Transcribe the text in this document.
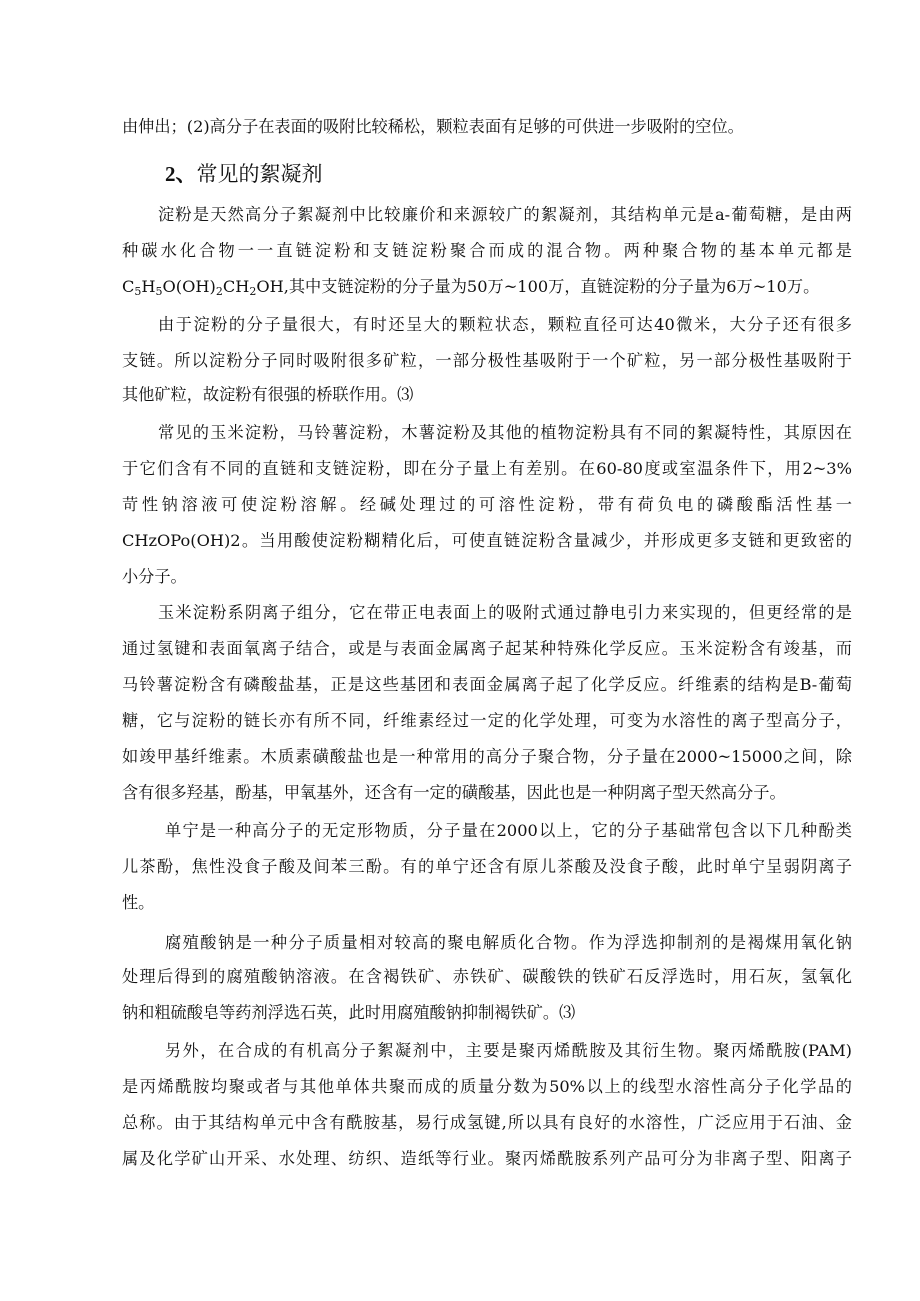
由伸出；(2)高分子在表面的吸附比较稀松，颗粒表面有足够的可供进一步吸附的空位。
2、常见的絮凝剂
淀粉是天然高分子絮凝剂中比较廉价和来源较广的絮凝剂，其结构单元是a-葡萄糖，是由两
种碳水化合物一一直链淀粉和支链淀粉聚合而成的混合物。两种聚合物的基本单元都是
$C_5H_5O(OH)_2CH_2OH$,其中支链淀粉的分子量为50万~100万，直链淀粉的分子量为6万~10万。
由于淀粉的分子量很大，有时还呈大的颗粒状态，颗粒直径可达40微米，大分子还有很多
支链。所以淀粉分子同时吸附很多矿粒，一部分极性基吸附于一个矿粒，另一部分极性基吸附于
其他矿粒，故淀粉有很强的桥联作用。⑶
常见的玉米淀粉，马铃薯淀粉，木薯淀粉及其他的植物淀粉具有不同的絮凝特性，其原因在
于它们含有不同的直链和支链淀粉，即在分子量上有差别。在60-80度或室温条件下，用2~3%
苛性钠溶液可使淀粉溶解。经碱处理过的可溶性淀粉，带有荷负电的磷酸酯活性基一
CHzOPo(OH)2。当用酸使淀粉糊精化后，可使直链淀粉含量减少，并形成更多支链和更致密的
小分子。
玉米淀粉系阴离子组分，它在带正电表面上的吸附式通过静电引力来实现的，但更经常的是
通过氢键和表面氧离子结合，或是与表面金属离子起某种特殊化学反应。玉米淀粉含有竣基，而
马铃薯淀粉含有磷酸盐基，正是这些基团和表面金属离子起了化学反应。纤维素的结构是B-葡萄
糖，它与淀粉的链长亦有所不同，纤维素经过一定的化学处理，可变为水溶性的离子型高分子，
如竣甲基纤维素。木质素磺酸盐也是一种常用的高分子聚合物，分子量在2000~15000之间，除
含有很多羟基，酚基，甲氧基外，还含有一定的磺酸基，因此也是一种阴离子型天然高分子。
单宁是一种高分子的无定形物质，分子量在2000以上，它的分子基础常包含以下几种酚类
儿茶酚，焦性没食子酸及间苯三酚。有的单宁还含有原儿茶酸及没食子酸，此时单宁呈弱阴离子
性。
腐殖酸钠是一种分子质量相对较高的聚电解质化合物。作为浮选抑制剂的是褐煤用氧化钠
处理后得到的腐殖酸钠溶液。在含褐铁矿、赤铁矿、碳酸铁的铁矿石反浮选时，用石灰，氢氧化
钠和粗硫酸皂等药剂浮选石英，此时用腐殖酸钠抑制褐铁矿。⑶
另外，在合成的有机高分子絮凝剂中，主要是聚丙烯酰胺及其衍生物。聚丙烯酰胺(PAM)
是丙烯酰胺均聚或者与其他单体共聚而成的质量分数为50%以上的线型水溶性高分子化学品的
总称。由于其结构单元中含有酰胺基，易行成氢键,所以具有良好的水溶性，广泛应用于石油、金
属及化学矿山开采、水处理、纺织、造纸等行业。聚丙烯酰胺系列产品可分为非离子型、阳离子
